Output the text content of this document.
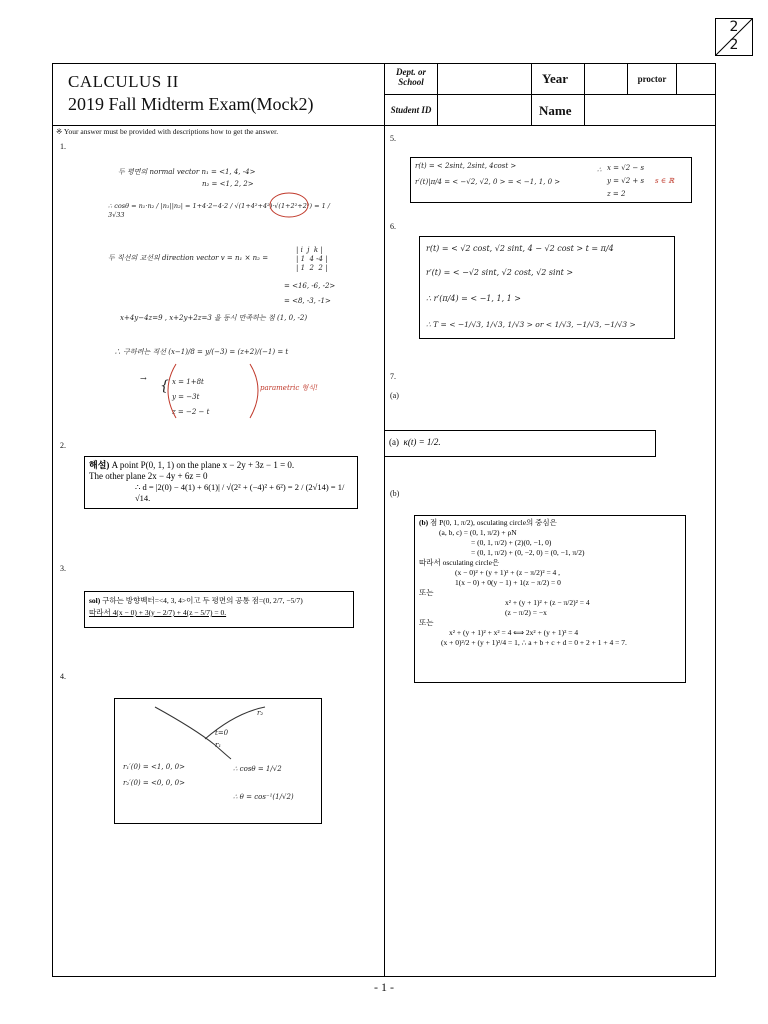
2
2
CALCULUS II
2019 Fall Midterm Exam(Mock2)
Dept. or School	Year	proctor
Student ID	Name
※ Your answer must be provided with descriptions how to get the answer.
1.
2.
3.
4.
5.
6.
7.
(a)
(b)
두 평면의 normal vector n₁ = <1, 4, -4>
n₂ = <1, 2, 2>
∴ cosθ = n₁·n₂ / |n₁||n₂| = 1+4·2−4·2 / √(1+4²+4²)·√(1+2²+2²) = 1 / 3√33
두 직선의 교선의 direction vector v = n₁ × n₂ =
| i  j  k |
| 1  4 -4 |
| 1  2  2 |
= <16, -6, -2>
= <8, -3, -1>
x+4y−4z=9 , x+2y+2z=3 을 동시 만족하는 점 (1, 0, -2)
∴ 구하려는 직선 (x−1)/8 = y/(−3) = (z+2)/(−1) = t
→ { x = 1+8t
y = −3t
z = −2 − t
parametric 형식!
해설) A point P(0, 1, 1) on the plane x − 2y + 3z − 1 = 0.
The other plane 2x − 4y + 6z = 0
∴ d = |2(0) − 4(1) + 6(1)| / √(2² + (−4)² + 6²) = 2 / (2√14) = 1/√14.
sol) 구하는 방향벡터=<4, 3, 4>이고 두 평면의 공통 점=(0, 2/7, −5/7)
따라서 4(x − 0) + 3(y − 2/7) + 4(z − 5/7) = 0.
r₂
t=0
r₁
r₁′(0) = <1, 0, 0>
r₂′(0) = <0, 0, 0>
∴ cosθ = 1/√2
∴ θ = cos⁻¹(1/√2)
r(t) = < 2sint, 2sint, 4cost >
r′(t)|π/4 = < −√2, √2, 0 > = < −1, 1, 0 >
∴ x = √2 − s
y = √2 + s
z = 2
s ∈ ℝ
r(t) = < √2 cost, √2 sint, 4 − √2 cost > t = π/4
r′(t) = < −√2 sint, √2 cost, √2 sint >
∴ r′(π/4) = < −1, 1, 1 >
∴ T = < −1/√3, 1/√3, 1/√3 > or < 1/√3, −1/√3, −1/√3 >
(a) κ(t) = 1/2.
(b) 점 P(0, 1, π/2), osculating circle의 중심은
(a, b, c) = (0, 1, π/2) + ρN
= (0, 1, π/2) + (2)(0, −1, 0)
= (0, 1, π/2) + (0, −2, 0) = (0, −1, π/2)
따라서 osculating circle은
(x − 0)² + (y + 1)² + (z − π/2)² = 4 ,
1(x − 0) + 0(y − 1) + 1(z − π/2) = 0
또는
x² + (y + 1)² + (z − π/2)² = 4
(z − π/2) = −x
또는
x² + (y + 1)² + x² = 4 ⟺ 2x² + (y + 1)² = 4
(x + 0)²/2 + (y + 1)²/4 = 1, ∴ a + b + c + d = 0 + 2 + 1 + 4 = 7.
- 1 -
